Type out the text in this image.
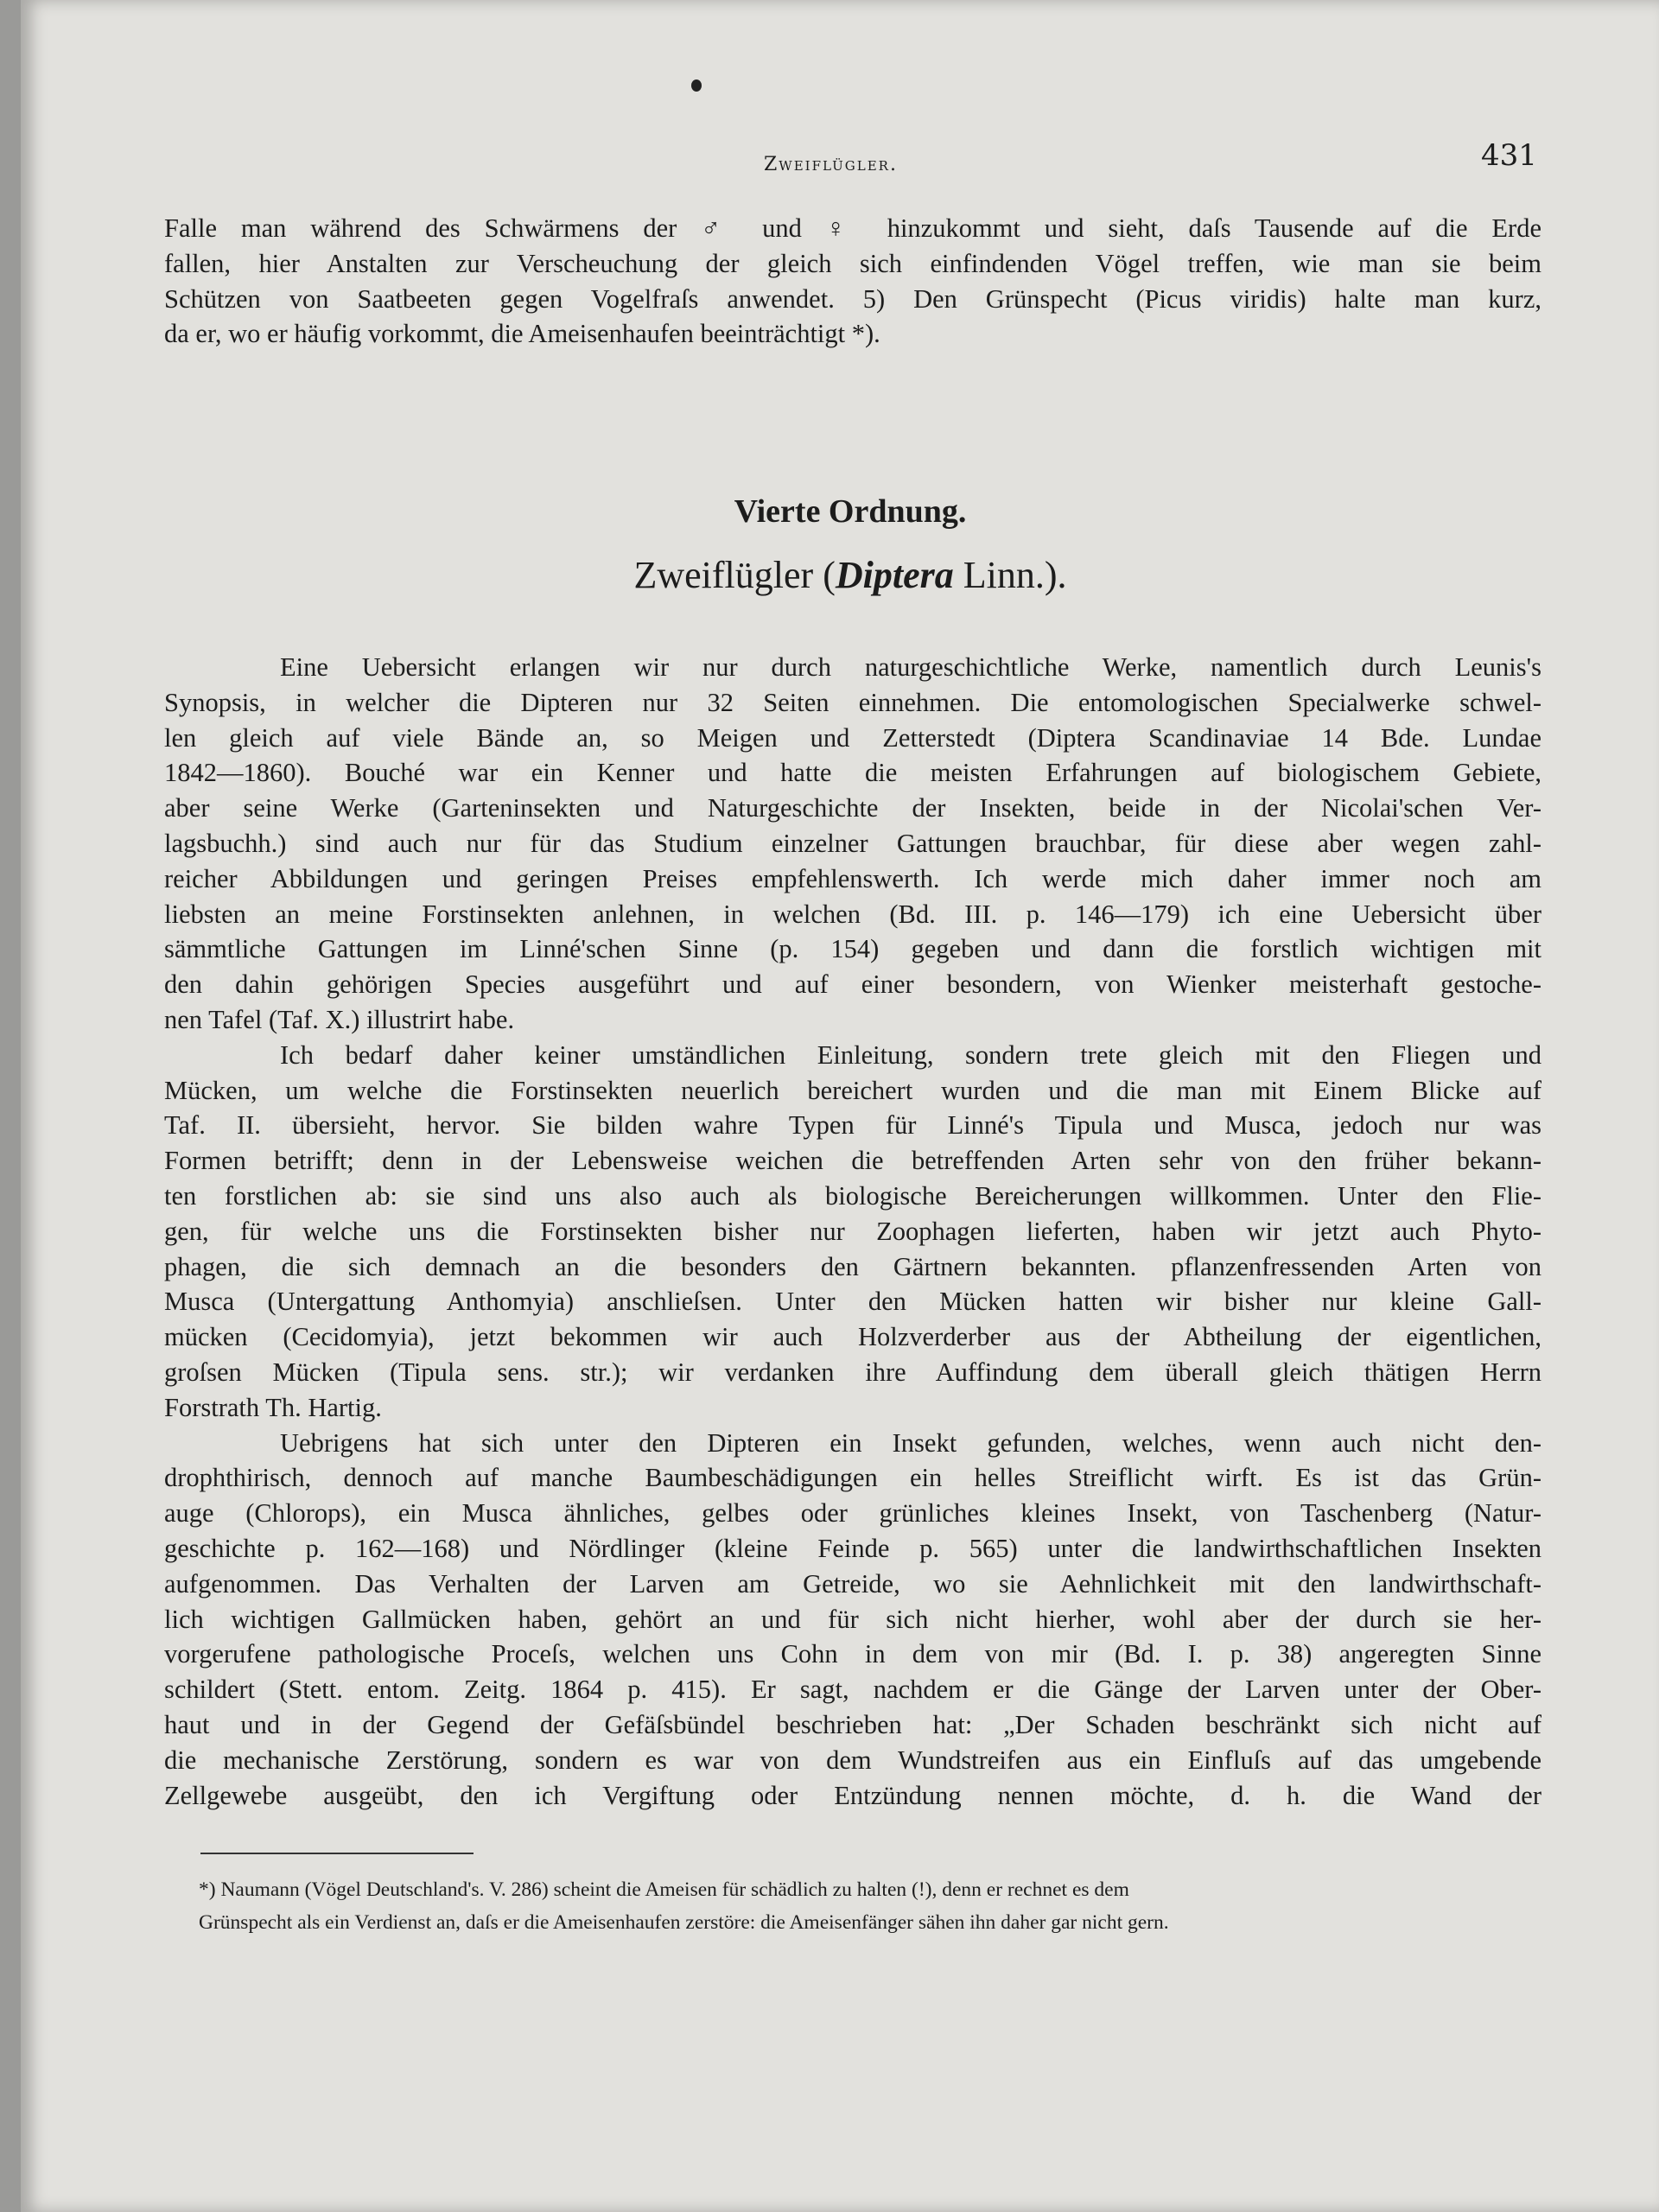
Zweiflügler.	431
Falle man während des Schwärmens der ♂ und ♀ hinzukommt und sieht, daſs Tausende auf die Erde
fallen, hier Anstalten zur Verscheuchung der gleich sich einfindenden Vögel treffen, wie man sie beim
Schützen von Saatbeeten gegen Vogelfraſs anwendet. 5) Den Grünspecht (Picus viridis) halte man kurz,
da er, wo er häufig vorkommt, die Ameisenhaufen beeinträchtigt *).
Vierte Ordnung.
Zweiflügler (Diptera Linn.).
Eine Uebersicht erlangen wir nur durch naturgeschichtliche Werke, namentlich durch Leunis's
Synopsis, in welcher die Dipteren nur 32 Seiten einnehmen. Die entomologischen Specialwerke schwel-
len gleich auf viele Bände an, so Meigen und Zetterstedt (Diptera Scandinaviae 14 Bde. Lundae
1842—1860). Bouché war ein Kenner und hatte die meisten Erfahrungen auf biologischem Gebiete,
aber seine Werke (Garteninsekten und Naturgeschichte der Insekten, beide in der Nicolai'schen Ver-
lagsbuchh.) sind auch nur für das Studium einzelner Gattungen brauchbar, für diese aber wegen zahl-
reicher Abbildungen und geringen Preises empfehlenswerth. Ich werde mich daher immer noch am
liebsten an meine Forstinsekten anlehnen, in welchen (Bd. III. p. 146—179) ich eine Uebersicht über
sämmtliche Gattungen im Linné'schen Sinne (p. 154) gegeben und dann die forstlich wichtigen mit
den dahin gehörigen Species ausgeführt und auf einer besondern, von Wienker meisterhaft gestoche-
nen Tafel (Taf. X.) illustrirt habe.
Ich bedarf daher keiner umständlichen Einleitung, sondern trete gleich mit den Fliegen und
Mücken, um welche die Forstinsekten neuerlich bereichert wurden und die man mit Einem Blicke auf
Taf. II. übersieht, hervor. Sie bilden wahre Typen für Linné's Tipula und Musca, jedoch nur was
Formen betrifft; denn in der Lebensweise weichen die betreffenden Arten sehr von den früher bekann-
ten forstlichen ab: sie sind uns also auch als biologische Bereicherungen willkommen. Unter den Flie-
gen, für welche uns die Forstinsekten bisher nur Zoophagen lieferten, haben wir jetzt auch Phyto-
phagen, die sich demnach an die besonders den Gärtnern bekannten. pflanzenfressenden Arten von
Musca (Untergattung Anthomyia) anschlieſsen. Unter den Mücken hatten wir bisher nur kleine Gall-
mücken (Cecidomyia), jetzt bekommen wir auch Holzverderber aus der Abtheilung der eigentlichen,
groſsen Mücken (Tipula sens. str.); wir verdanken ihre Auffindung dem überall gleich thätigen Herrn
Forstrath Th. Hartig.
Uebrigens hat sich unter den Dipteren ein Insekt gefunden, welches, wenn auch nicht den-
drophthirisch, dennoch auf manche Baumbeschädigungen ein helles Streiflicht wirft. Es ist das Grün-
auge (Chlorops), ein Musca ähnliches, gelbes oder grünliches kleines Insekt, von Taschenberg (Natur-
geschichte p. 162—168) und Nördlinger (kleine Feinde p. 565) unter die landwirthschaftlichen Insekten
aufgenommen. Das Verhalten der Larven am Getreide, wo sie Aehnlichkeit mit den landwirthschaft-
lich wichtigen Gallmücken haben, gehört an und für sich nicht hierher, wohl aber der durch sie her-
vorgerufene pathologische Proceſs, welchen uns Cohn in dem von mir (Bd. I. p. 38) angeregten Sinne
schildert (Stett. entom. Zeitg. 1864 p. 415). Er sagt, nachdem er die Gänge der Larven unter der Ober-
haut und in der Gegend der Gefäſsbündel beschrieben hat: „Der Schaden beschränkt sich nicht auf
die mechanische Zerstörung, sondern es war von dem Wundstreifen aus ein Einfluſs auf das umgebende
Zellgewebe ausgeübt, den ich Vergiftung oder Entzündung nennen möchte, d. h. die Wand der
*) Naumann (Vögel Deutschland's. V. 286) scheint die Ameisen für schädlich zu halten (!), denn er rechnet es dem
Grünspecht als ein Verdienst an, daſs er die Ameisenhaufen zerstöre: die Ameisenfänger sähen ihn daher gar nicht gern.
